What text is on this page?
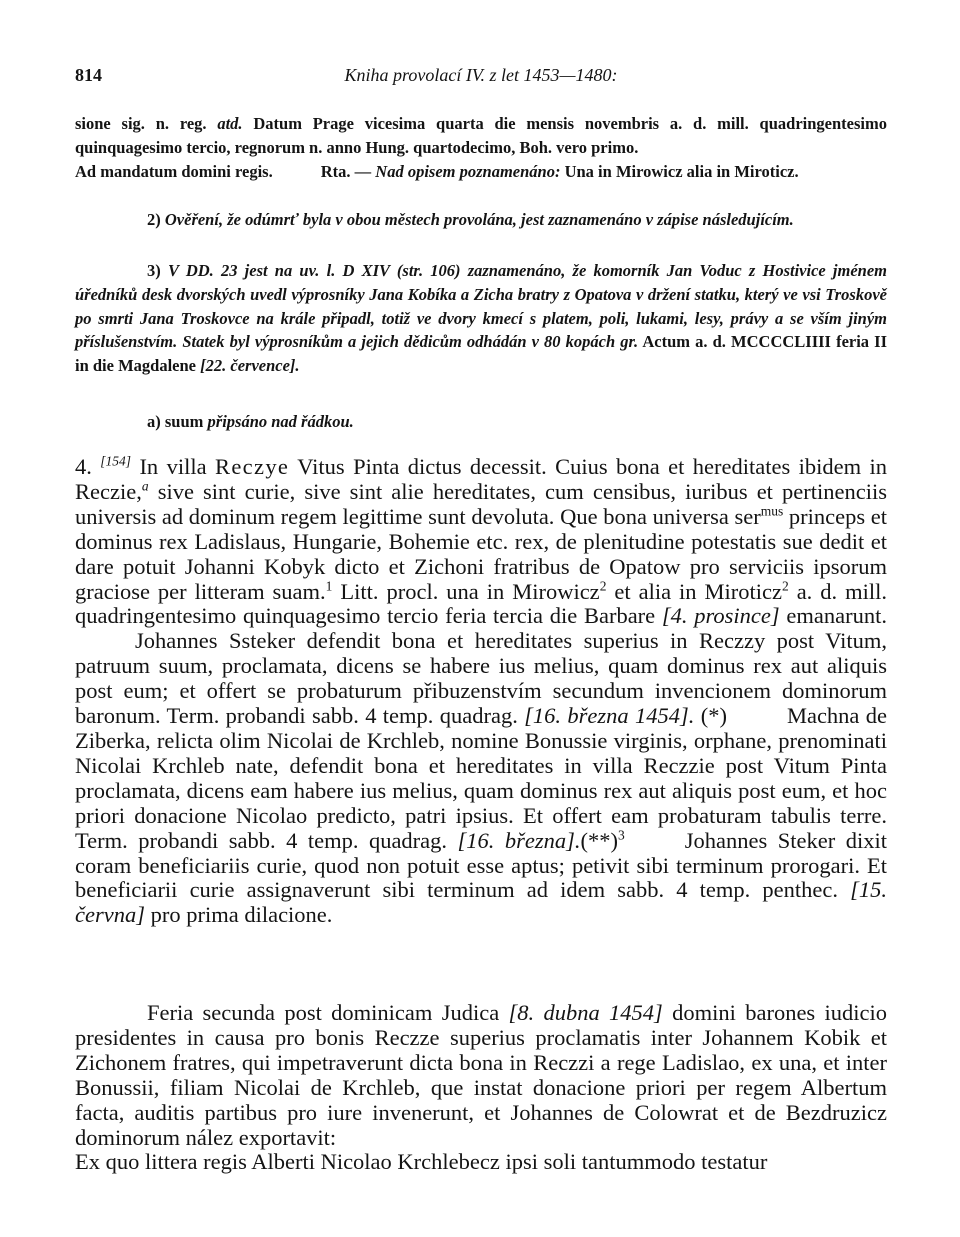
814	Kniha provolací IV. z let 1453—1480:
sione sig. n. reg. atd. Datum Prage vicesima quarta die mensis novembris a. d. mill. quadringentesimo quinquagesimo tercio, regnorum n. anno Hung. quartodecimo, Boh. vero primo.
Ad mandatum domini regis.	Rta. — Nad opisem poznamenáno: Una in Mirowicz alia in Miroticz.
2) Ověření, že odúmrť byla v obou městech provolána, jest zaznamenáno v zápise následujícím.
3) V DD. 23 jest na uv. l. D XIV (str. 106) zaznamenáno, že komorník Jan Voduc z Hostivice jménem úředníků desk dvorských uvedl výprosníky Jana Kobíka a Zicha bratry z Opatova v držení statku, který ve vsi Troskově po smrti Jana Troskovce na krále připadl, totiž ve dvory kmecí s platem, poli, lukami, lesy, právy a se vším jiným příslušenstvím. Statek byl výprosníkům a jejich dědicům odhádán v 80 kopách gr. Actum a. d. MCCCCLIIII feria II in die Magdalene [22. července].
a) suum připsáno nad řádkou.
4. [154] In villa Reczye Vitus Pinta dictus decessit. Cuius bona et hereditates ibidem in Reczie,$^a$ sive sint curie, sive sint alie hereditates, cum censibus, iuribus et pertinenciis universis ad dominum regem legittime sunt devoluta. Que bona universa ser$^{mus}$ princeps et dominus rex Ladislaus, Hungarie, Bohemie etc. rex, de plenitudine potestatis sue dedit et dare potuit Johanni Kobyk dicto et Zichoni fratribus de Opatow pro serviciis ipsorum graciose per litteram suam.$^1$ Litt. procl. una in Mirowicz$^2$ et alia in Miroticz$^2$ a. d. mill. quadringentesimo quinquagesimo tercio feria tercia die Barbare [4. prosince] emanarunt.Johannes Ssteker defendit bona et hereditates superius in Reczzy post Vitum, patruum suum, proclamata, dicens se habere ius melius, quam dominus rex aut aliquis post eum; et offert se probaturum přibuzenstvím secundum invencionem dominorum baronum. Term. probandi sabb. 4 temp. quadrag. [16. března 1454]. (*)	Machna de Ziberka, relicta olim Nicolai de Krchleb, nomine Bonussie virginis, orphane, prenominati Nicolai Krchleb nate, defendit bona et hereditates in villa Reczzie post Vitum Pinta proclamata, dicens eam habere ius melius, quam dominus rex aut aliquis post eum, et hoc priori donacione Nicolao predicto, patri ipsius. Et offert eam probaturam tabulis terre. Term. probandi sabb. 4 temp. quadrag. [16. $března].(**)^3$	Johannes Steker dixit coram beneficiariis curie, quod non potuit esse aptus; petivit sibi terminum prorogari. Et beneficiarii curie assignaverunt sibi terminum ad idem sabb. 4 temp. penthec. [15. června] pro prima dilacione.
Feria secunda post dominicam Judica [8. dubna 1454] domini barones iudicio presidentes in causa pro bonis Reczze superius proclamatis inter Johannem Kobik et Zichonem fratres, qui impetraverunt dicta bona in Reczzi a rege Ladislao, ex una, et inter Bonussii, filiam Nicolai de Krchleb, que instat donacione priori per regem Albertum facta, auditis partibus pro iure invenerunt, et Johannes de Colowrat et de Bezdruzicz dominorum nález exportavit:
Ex quo littera regis Alberti Nicolao Krchlebecz ipsi soli tantummodo testatur
